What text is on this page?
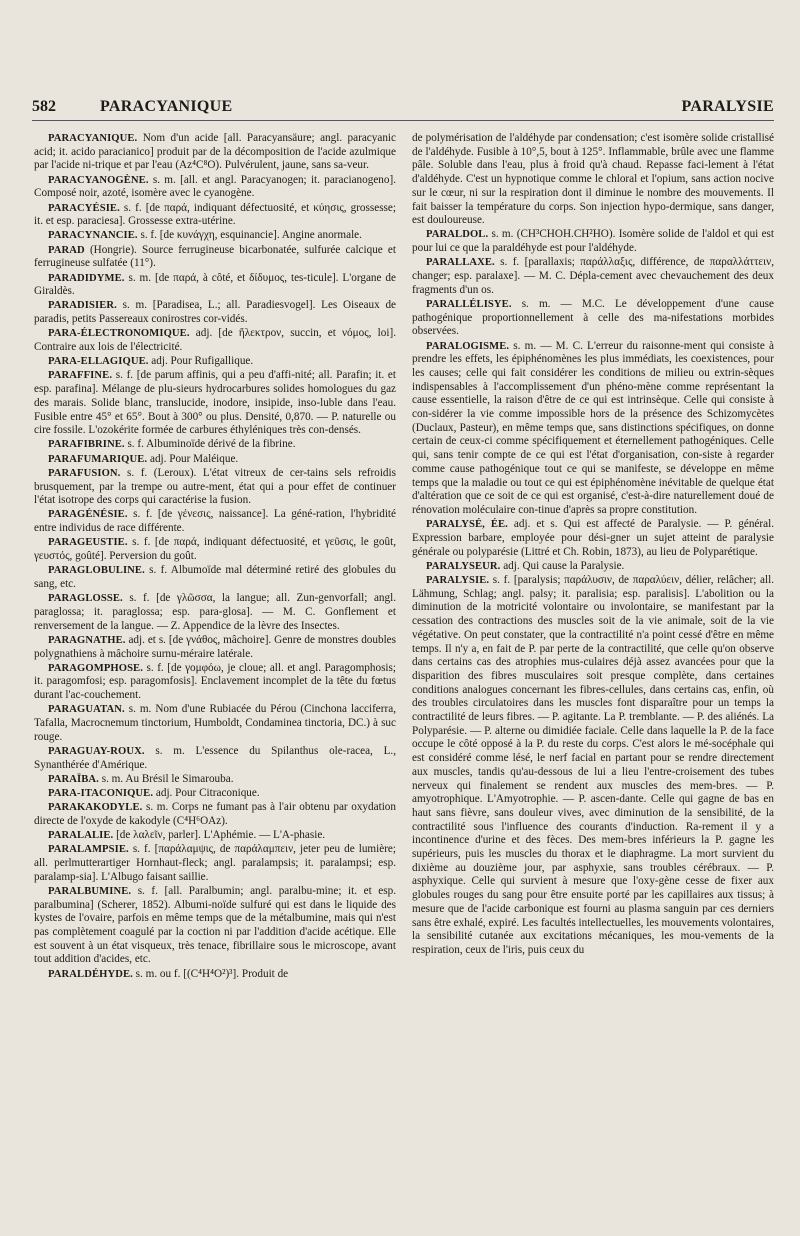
582	PARACYANIQUE	PARALYSIE

PARACYANIQUE. Nom d'un acide [all. Paracyansäure; angl. paracyanic acid; it. acido paracianico] produit par de la décomposition de l'acide azulmique par l'acide ni-trique et par l'eau (Az⁴C⁸O). Pulvérulent, jaune, sans sa-veur.

PARACYANOGÈNE. s. m. [all. et angl. Paracyanogen; it. paracianogeno]. Composé noir, azoté, isomère avec le cyanogène.

PARACYÉSIE. s. f. [de παρά, indiquant défectuosité, et κύησις, grossesse; it. et esp. paraciesa]. Grossesse extra-utérine.

PARACYNANCIE. s. f. [de κυνάγχη, esquinancie]. Angine anormale.

PARAD (Hongrie). Source ferrugineuse bicarbonatée, sulfurée calcique et ferrugineuse sulfatée (11°).

PARADIDYME. s. m. [de παρά, à côté, et δίδυμος, tes-ticule]. L'organe de Giraldès.

PARADISIER. s. m. [Paradisea, L.; all. Paradiesvogel]. Les Oiseaux de paradis, petits Passereaux conirostres cor-vidés.

PARA-ÉLECTRONOMIQUE. adj. [de ἤλεκτρον, succin, et νόμος, loi]. Contraire aux lois de l'électricité.

PARA-ELLAGIQUE. adj. Pour Rufigallique.

PARAFFINE. s. f. [de parum affinis, qui a peu d'affi-nité; all. Parafin; it. et esp. parafina]. Mélange de plu-sieurs hydrocarbures solides homologues du gaz des marais. Solide blanc, translucide, inodore, insipide, inso-luble dans l'eau. Fusible entre 45° et 65°. Bout à 300° ou plus. Densité, 0,870. — P. naturelle ou cire fossile. L'ozokérite formée de carbures éthyléniques très con-densés.

PARAFIBRINE. s. f. Albuminoïde dérivé de la fibrine.

PARAFUMARIQUE. adj. Pour Maléique.

PARAFUSION. s. f. (Leroux). L'état vitreux de cer-tains sels refroidis brusquement, par la trempe ou autre-ment, état qui a pour effet de continuer l'état isotrope des corps qui caractérise la fusion.

PARAGÉNÉSIE. s. f. [de γένεσις, naissance]. La géné-ration, l'hybridité entre individus de race différente.

PARAGEUSTIE. s. f. [de παρά, indiquant défectuosité, et γεῦσις, le goût, γευστός, goûté]. Perversion du goût.

PARAGLOBULINE. s. f. Albumoïde mal déterminé retiré des globules du sang, etc.

PARAGLOSSE. s. f. [de γλῶσσα, la langue; all. Zun-genvorfall; angl. paraglossa; it. paraglossa; esp. para-glosa]. — M. C. Gonflement et renversement de la langue. — Z. Appendice de la lèvre des Insectes.

PARAGNATHE. adj. et s. [de γνάθος, mâchoire]. Genre de monstres doubles polygnathiens à mâchoire surnu-méraire latérale.

PARAGOMPHOSE. s. f. [de γομφόω, je cloue; all. et angl. Paragomphosis; it. paragomfosi; esp. paragomfosis]. Enclavement incomplet de la tête du fœtus durant l'ac-couchement.

PARAGUATAN. s. m. Nom d'une Rubiacée du Pérou (Cinchona lacciferra, Tafalla, Macrocnemum tinctorium, Humboldt, Condaminea tinctoria, DC.) à suc rouge.

PARAGUAY-ROUX. s. m. L'essence du Spilanthus ole-racea, L., Synanthérée d'Amérique.

PARAÏBA. s. m. Au Brésil le Simarouba.

PARA-ITACONIQUE. adj. Pour Citraconique.

PARAKAKODYLE. s. m. Corps ne fumant pas à l'air obtenu par oxydation directe de l'oxyde de kakodyle (C⁴H⁶OAz).

PARALALIE. [de λαλεῖν, parler]. L'Aphémie. — L'A-phasie.

PARALAMPSIE. s. f. [παράλαμψις, de παράλαμπειν, jeter peu de lumière; all. perlmutterartiger Hornhaut-fleck; angl. paralampsis; it. paralampsi; esp. paralamp-sia]. L'Albugo faisant saillie.

PARALBUMINE. s. f. [all. Paralbumin; angl. paralbu-mine; it. et esp. paralbumina] (Scherer, 1852). Albumi-noïde sulfuré qui est dans le liquide des kystes de l'ovaire, parfois en même temps que de la métalbumine, mais qui n'est pas complètement coagulé par la coction ni par l'addition d'acide acétique. Elle est souvent à un état visqueux, très tenace, fibrillaire sous le microscope, avant tout addition d'acides, etc.

PARALDÉHYDE. s. m. ou f. [(C⁴H⁴O²)³]. Produit de

de polymérisation de l'aldéhyde par condensation; c'est isomère solide cristallisé de l'aldéhyde. Fusible à 10°,5, bout à 125°. Inflammable, brûle avec une flamme pâle. Soluble dans l'eau, plus à froid qu'à chaud. Repasse faci-lement à l'état d'aldéhyde. C'est un hypnotique comme le chloral et l'opium, sans action nocive sur le cœur, ni sur la respiration dont il diminue le nombre des mouvements. Il fait baisser la température du corps. Son injection hypo-dermique, sans danger, est douloureuse.

PARALDOL. s. m. (CH³CHOH.CH²HO). Isomère solide de l'aldol et qui est pour lui ce que la paraldéhyde est pour l'aldéhyde.

PARALLAXE. s. f. [parallaxis; παράλλαξις, différence, de παραλλάττειν, changer; esp. paralaxe]. — M. C. Dépla-cement avec chevauchement des deux fragments d'un os.

PARALLÉLISYE. s. m. — M.C. Le développement d'une cause pathogénique proportionnellement à celle des ma-nifestations morbides observées.

PARALOGISME. s. m. — M. C. L'erreur du raisonne-ment qui consiste à prendre les effets, les épiphénomènes les plus immédiats, les coexistences, pour les causes; celle qui fait considérer les conditions de milieu ou extrin-sèques indispensables à l'accomplissement d'un phéno-mène comme représentant la cause essentielle, la raison d'être de ce qui est intrinsèque. Celle qui consiste à con-sidérer la vie comme impossible hors de la présence des Schizomycètes (Duclaux, Pasteur), en même temps que, sans distinctions spécifiques, on donne certain de ceux-ci comme spécifiquement et éternellement pathogéniques. Celle qui, sans tenir compte de ce qui est l'état d'organisation, con-siste à regarder comme cause pathogénique tout ce qui se manifeste, se développe en même temps que la maladie ou tout ce qui est épiphénomène inévitable de quelque état d'altération que ce soit de ce qui est organisé, c'est-à-dire naturellement doué de rénovation moléculaire con-tinue d'après sa propre constitution.

PARALYSÉ, ÉE. adj. et s. Qui est affecté de Paralysie. — P. général. Expression barbare, employée pour dési-gner un sujet atteint de paralysie générale ou polyparésie (Littré et Ch. Robin, 1873), au lieu de Polyparétique.

PARALYSEUR. adj. Qui cause la Paralysie.

PARALYSIE. s. f. [paralysis; παράλυσιν, de παραλύειν, délier, relâcher; all. Lähmung, Schlag; angl. palsy; it. paralisia; esp. paralisis]. L'abolition ou la diminution de la motricité volontaire ou involontaire, se manifestant par la cessation des contractions des muscles soit de la vie animale, soit de la vie végétative. On peut constater, que la contractilité n'a point cessé d'être en même temps. Il n'y a, en fait de P. par perte de la contractilité, que celle qu'on observe dans certains cas des atrophies mus-culaires déjà assez avancées pour que la disparition des fibres musculaires soit presque complète, dans certaines conditions analogues concernant les fibres-cellules, dans certains cas, enfin, où des troubles circulatoires dans les muscles font disparaître pour un temps la contractilité de leurs fibres. — P. agitante. La P. tremblante. — P. des aliénés. La Polyparésie. — P. alterne ou dimidiée faciale. Celle dans laquelle la P. de la face occupe le côté opposé à la P. du reste du corps. C'est alors le mé-socéphale qui est considéré comme lésé, le nerf facial en partant pour se rendre directement aux muscles, tandis qu'au-dessous de lui a lieu l'entre-croisement des tubes nerveux qui finalement se rendent aux muscles des mem-bres. — P. amyotrophique. L'Amyotrophie. — P. ascen-dante. Celle qui gagne de bas en haut sans fièvre, sans douleur vives, avec diminution de la sensibilité, de la contractilité sous l'influence des courants d'induction. Ra-rement il y a incontinence d'urine et des fèces. Des mem-bres inférieurs la P. gagne les supérieurs, puis les muscles du thorax et le diaphragme. La mort survient du dixième au douzième jour, par asphyxie, sans troubles cérébraux. — P. asphyxique. Celle qui survient à mesure que l'oxy-gène cesse de fixer aux globules rouges du sang pour être ensuite porté par les capillaires aux tissus; à mesure que de l'acide carbonique est fourni au plasma sanguin par ces derniers sans être exhalé, expiré. Les facultés intellectuelles, les mouvements volontaires, la sensibilité cutanée aux excitations mécaniques, les mou-vements de la respiration, ceux de l'iris, puis ceux du
